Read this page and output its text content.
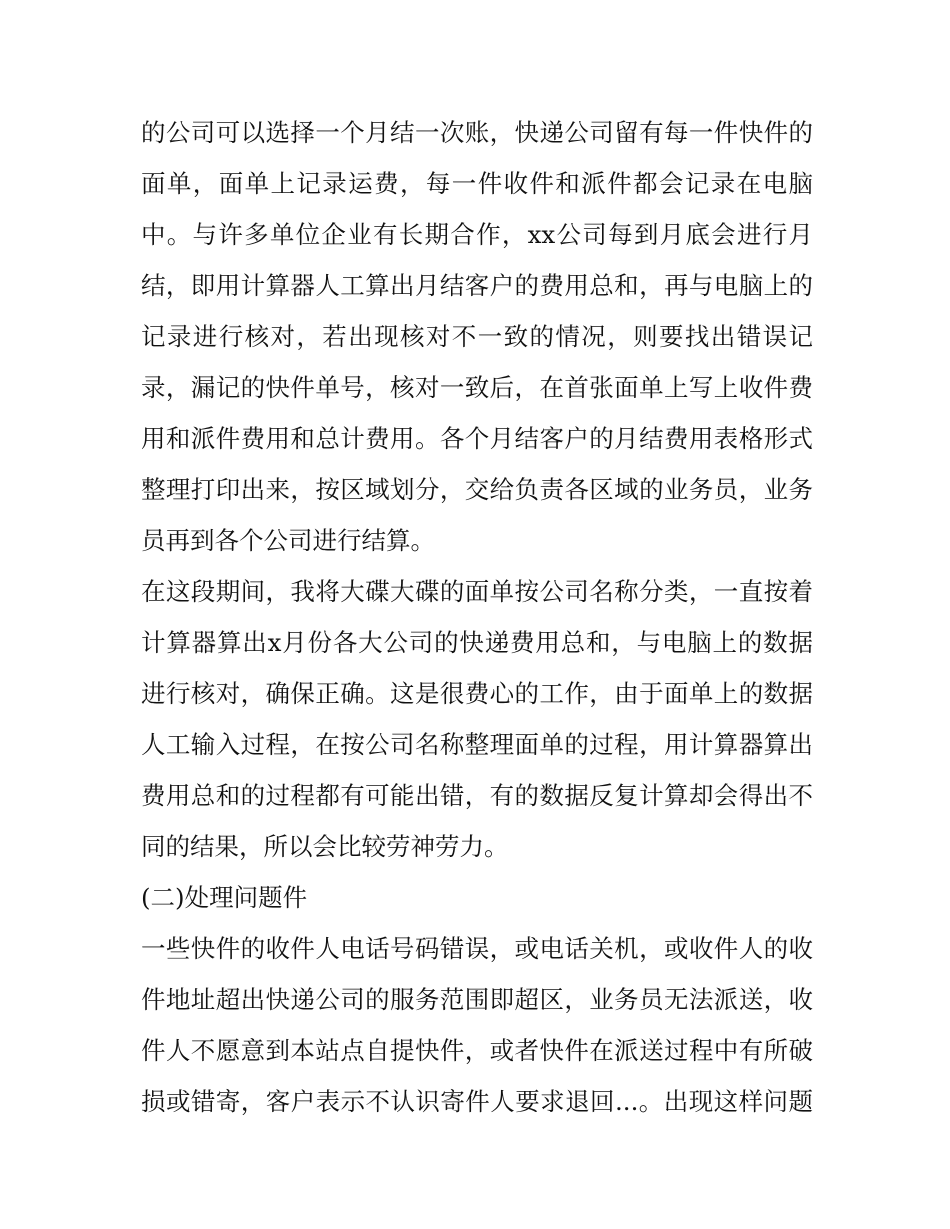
的公司可以选择一个月结一次账，快递公司留有每一件快件的
面单，面单上记录运费，每一件收件和派件都会记录在电脑
中。与许多单位企业有长期合作，xx公司每到月底会进行月
结，即用计算器人工算出月结客户的费用总和，再与电脑上的
记录进行核对，若出现核对不一致的情况，则要找出错误记
录，漏记的快件单号，核对一致后，在首张面单上写上收件费
用和派件费用和总计费用。各个月结客户的月结费用表格形式
整理打印出来，按区域划分，交给负责各区域的业务员，业务
员再到各个公司进行结算。
在这段期间，我将大碟大碟的面单按公司名称分类，一直按着
计算器算出x月份各大公司的快递费用总和，与电脑上的数据
进行核对，确保正确。这是很费心的工作，由于面单上的数据
人工输入过程，在按公司名称整理面单的过程，用计算器算出
费用总和的过程都有可能出错，有的数据反复计算却会得出不
同的结果，所以会比较劳神劳力。
(二)处理问题件
一些快件的收件人电话号码错误，或电话关机，或收件人的收
件地址超出快递公司的服务范围即超区，业务员无法派送，收
件人不愿意到本站点自提快件，或者快件在派送过程中有所破
损或错寄，客户表示不认识寄件人要求退回...。出现这样问题
